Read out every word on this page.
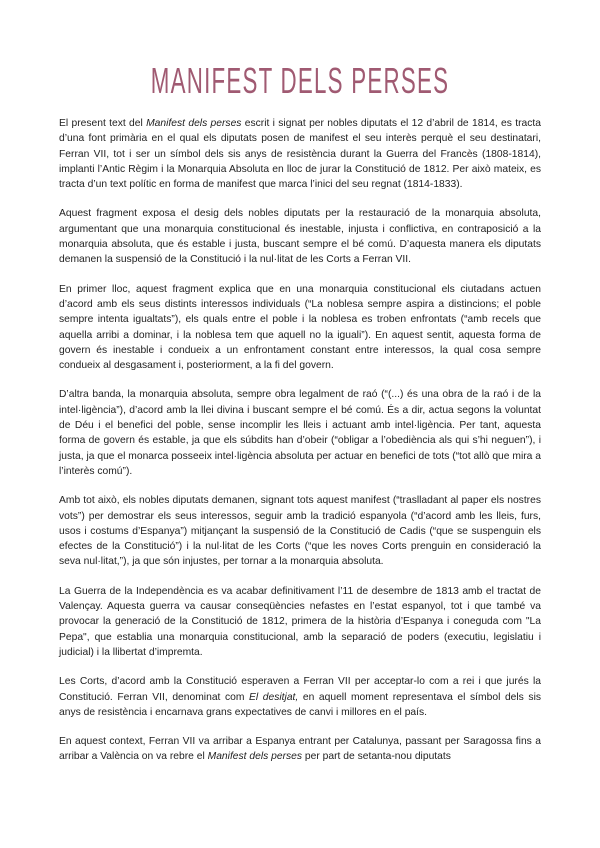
MANIFEST DELS PERSES

El present text del Manifest dels perses escrit i signat per nobles diputats el 12 d’abril de 1814, es tracta d’una font primària en el qual els diputats posen de manifest el seu interès perquè el seu destinatari, Ferran VII, tot i ser un símbol dels sis anys de resistència durant la Guerra del Francès (1808-1814), implanti l’Antic Règim i la Monarquia Absoluta en lloc de jurar la Constitució de 1812. Per això mateix, es tracta d’un text polític en forma de manifest que marca l’inici del seu regnat (1814-1833).

Aquest fragment exposa el desig dels nobles diputats per la restauració de la monarquia absoluta, argumentant que una monarquia constitucional és inestable, injusta i conflictiva, en contraposició a la monarquia absoluta, que és estable i justa, buscant sempre el bé comú. D’aquesta manera els diputats demanen la suspensió de la Constitució i la nul·litat de les Corts a Ferran VII.

En primer lloc, aquest fragment explica que en una monarquia constitucional els ciutadans actuen d’acord amb els seus distints interessos individuals (“La noblesa sempre aspira a distincions; el poble sempre intenta igualtats”), els quals entre el poble i la noblesa es troben enfrontats (“amb recels que aquella arribi a dominar, i la noblesa tem que aquell no la iguali”). En aquest sentit, aquesta forma de govern és inestable i condueix a un enfrontament constant entre interessos, la qual cosa sempre condueix al desgasament i, posteriorment, a la fi del govern.

D’altra banda, la monarquia absoluta, sempre obra legalment de raó (“(...) és una obra de la raó i de la intel·ligència”), d’acord amb la llei divina i buscant sempre el bé comú. És a dir, actua segons la voluntat de Déu i el benefici del poble, sense incomplir les lleis i actuant amb intel·ligència. Per tant, aquesta forma de govern és estable, ja que els súbdits han d’obeir (“obligar a l’obediència als qui s’hi neguen”), i justa, ja que el monarca posseeix intel·ligència absoluta per actuar en benefici de tots (“tot allò que mira a l’interès comú”).

Amb tot això, els nobles diputats demanen, signant tots aquest manifest (“traslladant al paper els nostres vots”) per demostrar els seus interessos, seguir amb la tradició espanyola (“d’acord amb les lleis, furs, usos i costums d’Espanya”) mitjançant la suspensió de la Constitució de Cadis (“que se suspenguin els efectes de la Constitució”) i la nul·litat de les Corts (“que les noves Corts prenguin en consideració la seva nul·litat,”), ja que són injustes, per tornar a la monarquia absoluta.

La Guerra de la Independència es va acabar definitivament l’11 de desembre de 1813 amb el tractat de Valençay. Aquesta guerra va causar conseqüències nefastes en l’estat espanyol, tot i que també va provocar la generació de la Constitució de 1812, primera de la història d’Espanya i coneguda com "La Pepa", que establia una monarquia constitucional, amb la separació de poders (executiu, legislatiu i judicial) i la llibertat d’impremta.

Les Corts, d’acord amb la Constitució esperaven a Ferran VII per acceptar-lo com a rei i que jurés la Constitució. Ferran VII, denominat com El desitjat, en aquell moment representava el símbol dels sis anys de resistència i encarnava grans expectatives de canvi i millores en el país.

En aquest context, Ferran VII va arribar a Espanya entrant per Catalunya, passant per Saragossa fins a arribar a València on va rebre el Manifest dels perses per part de setanta-nou diputats
